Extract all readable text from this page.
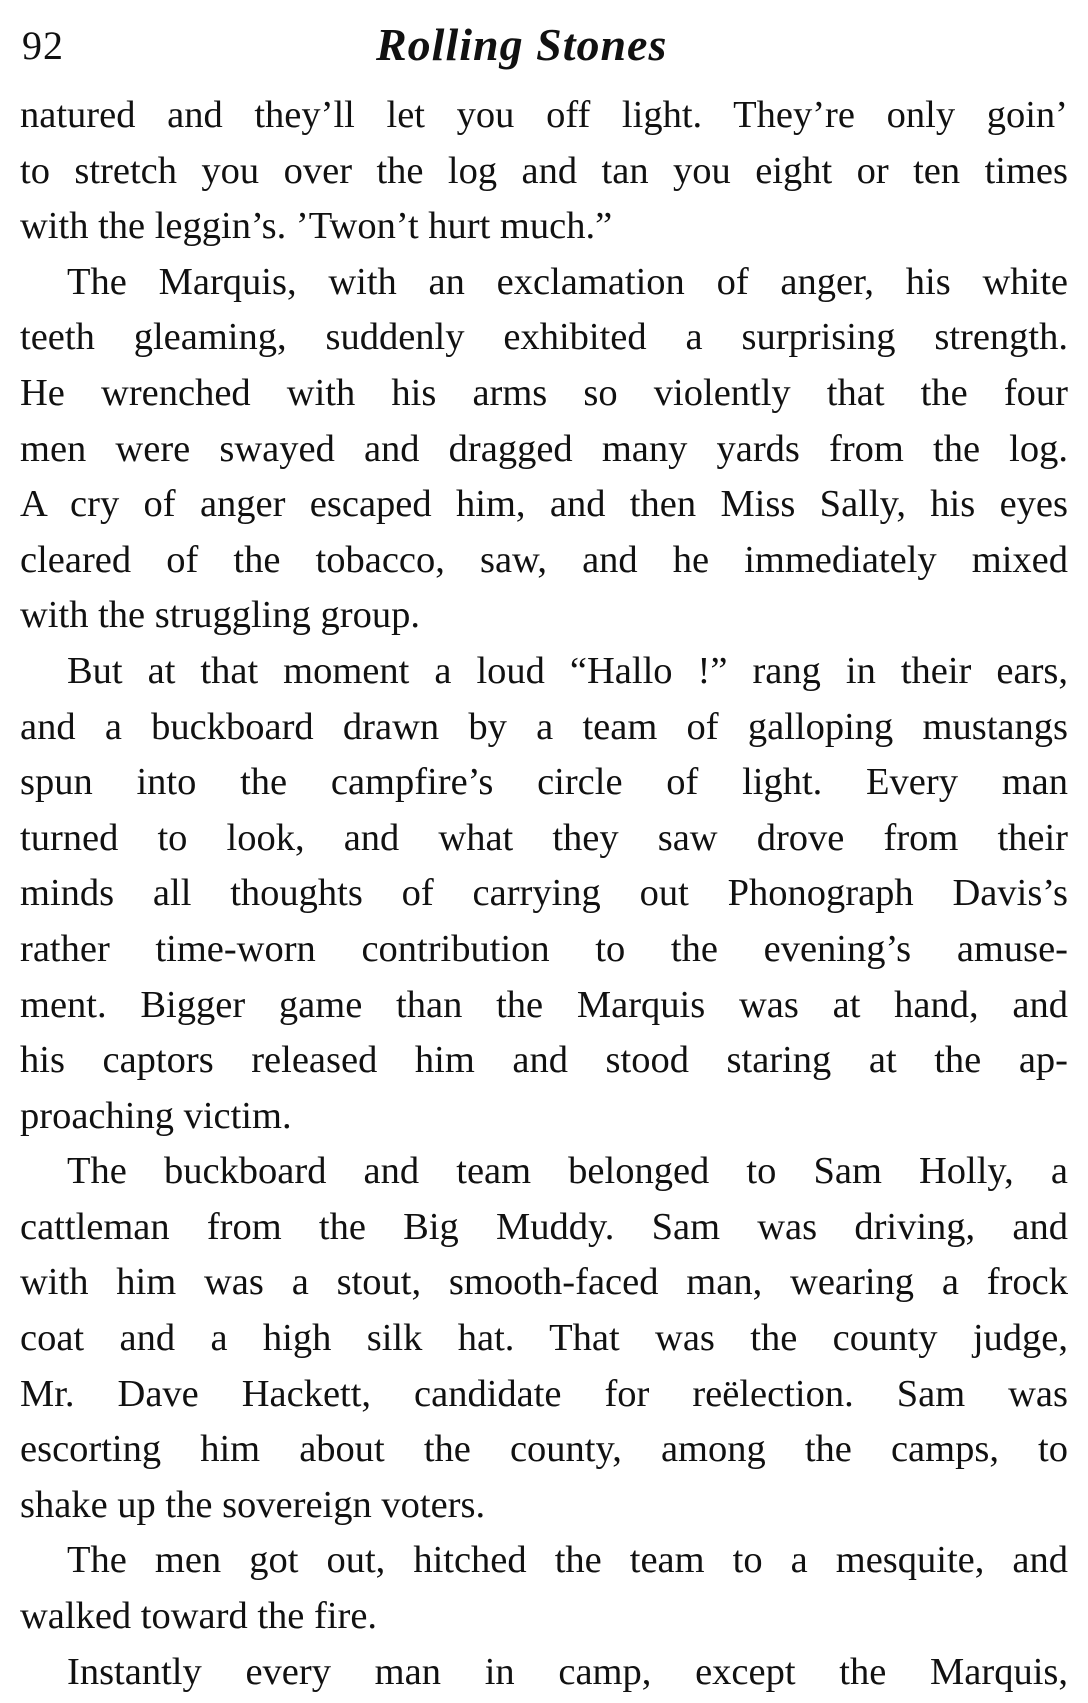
92	Rolling Stones
natured and they’ll let you off light. They’re only goin’
to stretch you over the log and tan you eight or ten times
with the leggin’s. ’Twon’t hurt much.”
The Marquis, with an exclamation of anger, his white
teeth gleaming, suddenly exhibited a surprising strength.
He wrenched with his arms so violently that the four
men were swayed and dragged many yards from the log.
A cry of anger escaped him, and then Miss Sally, his eyes
cleared of the tobacco, saw, and he immediately mixed
with the struggling group.
But at that moment a loud “Hallo !” rang in their ears,
and a buckboard drawn by a team of galloping mustangs
spun into the campfire’s circle of light. Every man
turned to look, and what they saw drove from their
minds all thoughts of carrying out Phonograph Davis’s
rather time-worn contribution to the evening’s amuse-
ment. Bigger game than the Marquis was at hand, and
his captors released him and stood staring at the ap-
proaching victim.
The buckboard and team belonged to Sam Holly, a
cattleman from the Big Muddy. Sam was driving, and
with him was a stout, smooth-faced man, wearing a frock
coat and a high silk hat. That was the county judge,
Mr. Dave Hackett, candidate for reëlection. Sam was
escorting him about the county, among the camps, to
shake up the sovereign voters.
The men got out, hitched the team to a mesquite, and
walked toward the fire.
Instantly every man in camp, except the Marquis,
